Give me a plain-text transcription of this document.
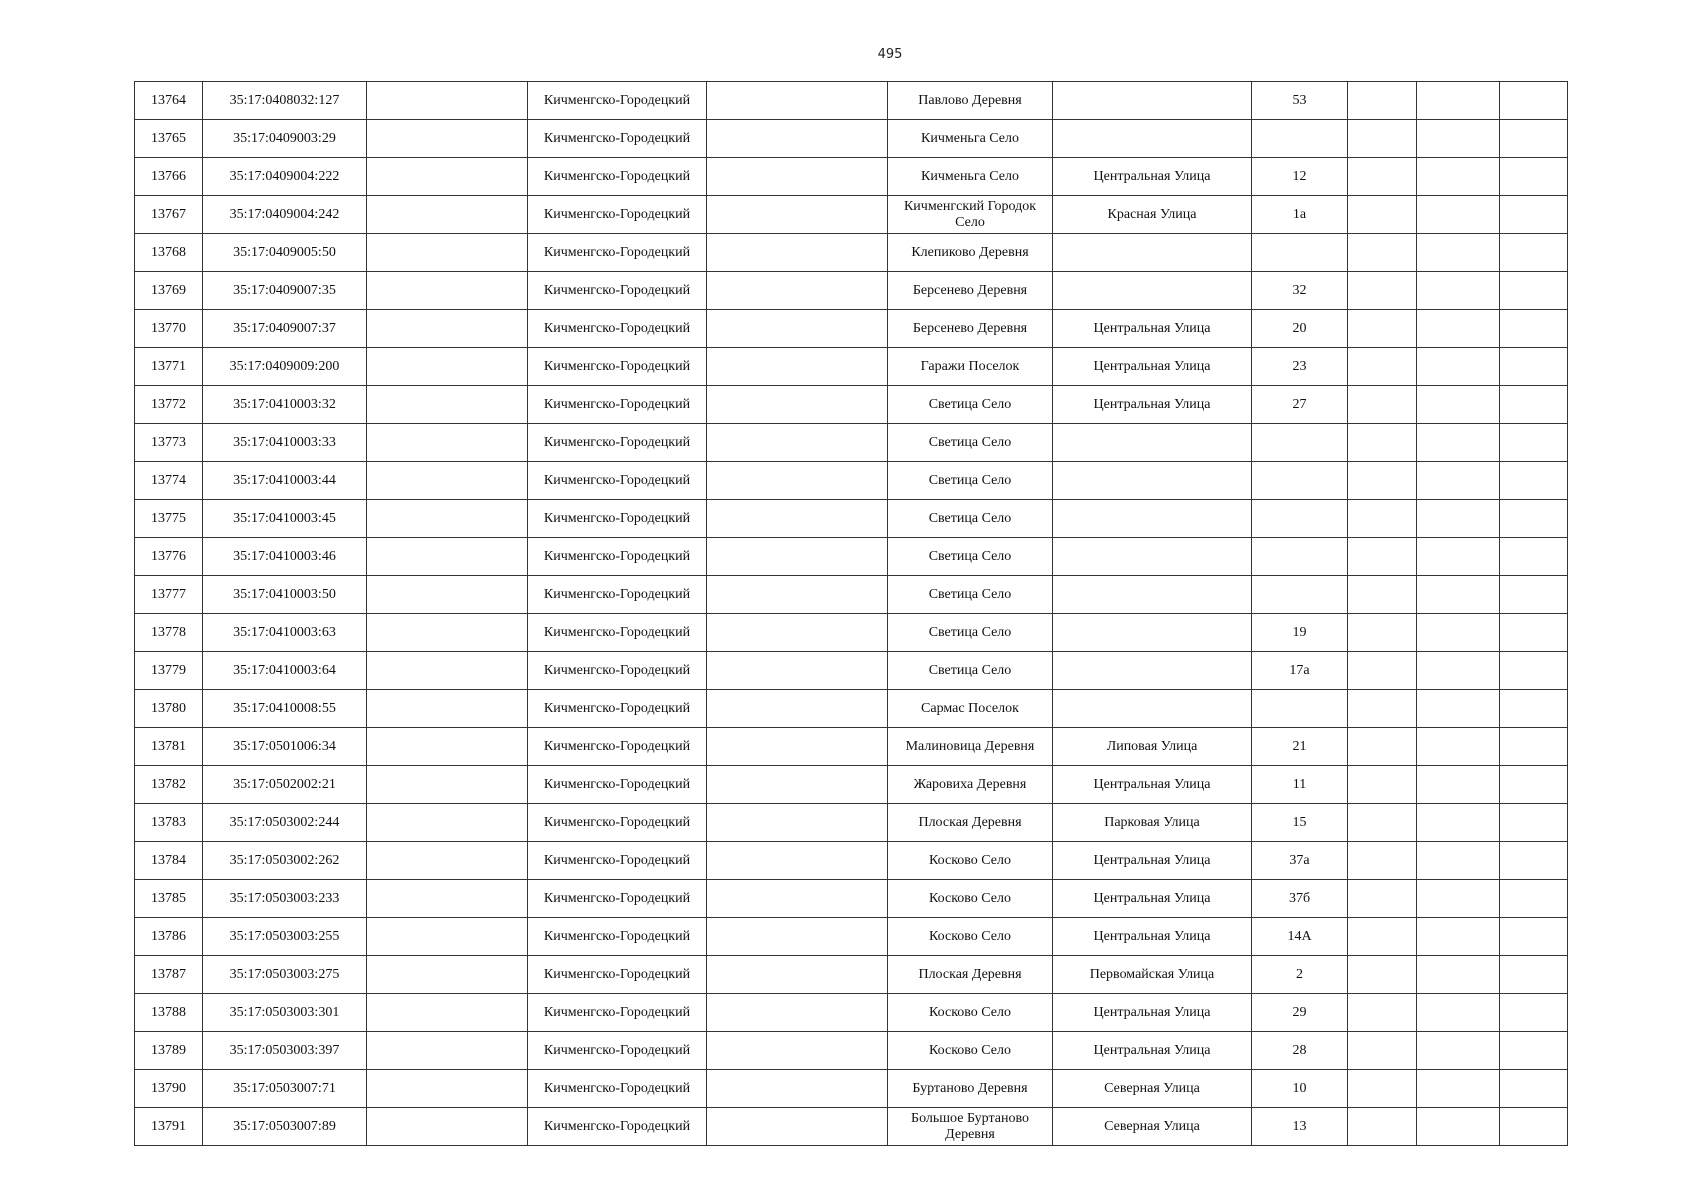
495
13764	35:17:0408032:127		Кичменгско-Городецкий		Павлово Деревня		53			
13765	35:17:0409003:29		Кичменгско-Городецкий		Кичменьга Село					
13766	35:17:0409004:222		Кичменгско-Городецкий		Кичменьга Село	Центральная Улица	12			
13767	35:17:0409004:242		Кичменгско-Городецкий		Кичменгский Городок Село	Красная Улица	1а			
13768	35:17:0409005:50		Кичменгско-Городецкий		Клепиково Деревня					
13769	35:17:0409007:35		Кичменгско-Городецкий		Берсенево Деревня		32			
13770	35:17:0409007:37		Кичменгско-Городецкий		Берсенево Деревня	Центральная Улица	20			
13771	35:17:0409009:200		Кичменгско-Городецкий		Гаражи Поселок	Центральная Улица	23			
13772	35:17:0410003:32		Кичменгско-Городецкий		Светица Село	Центральная Улица	27			
13773	35:17:0410003:33		Кичменгско-Городецкий		Светица Село					
13774	35:17:0410003:44		Кичменгско-Городецкий		Светица Село					
13775	35:17:0410003:45		Кичменгско-Городецкий		Светица Село					
13776	35:17:0410003:46		Кичменгско-Городецкий		Светица Село					
13777	35:17:0410003:50		Кичменгско-Городецкий		Светица Село					
13778	35:17:0410003:63		Кичменгско-Городецкий		Светица Село		19			
13779	35:17:0410003:64		Кичменгско-Городецкий		Светица Село		17а			
13780	35:17:0410008:55		Кичменгско-Городецкий		Сармас Поселок					
13781	35:17:0501006:34		Кичменгско-Городецкий		Малиновица Деревня	Липовая Улица	21			
13782	35:17:0502002:21		Кичменгско-Городецкий		Жаровиха Деревня	Центральная Улица	11			
13783	35:17:0503002:244		Кичменгско-Городецкий		Плоская Деревня	Парковая Улица	15			
13784	35:17:0503002:262		Кичменгско-Городецкий		Косково Село	Центральная Улица	37а			
13785	35:17:0503003:233		Кичменгско-Городецкий		Косково Село	Центральная Улица	37б			
13786	35:17:0503003:255		Кичменгско-Городецкий		Косково Село	Центральная Улица	14А			
13787	35:17:0503003:275		Кичменгско-Городецкий		Плоская Деревня	Первомайская Улица	2			
13788	35:17:0503003:301		Кичменгско-Городецкий		Косково Село	Центральная Улица	29			
13789	35:17:0503003:397		Кичменгско-Городецкий		Косково Село	Центральная Улица	28			
13790	35:17:0503007:71		Кичменгско-Городецкий		Буртаново Деревня	Северная Улица	10			
13791	35:17:0503007:89		Кичменгско-Городецкий		Большое Буртаново Деревня	Северная Улица	13			
